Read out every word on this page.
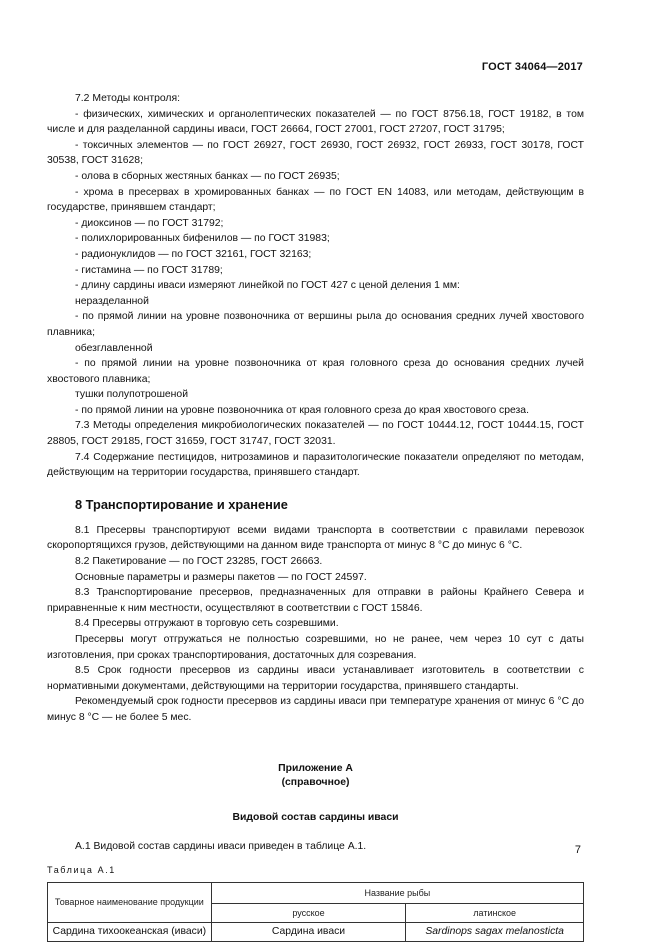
ГОСТ 34064—2017

7.2 Методы контроля:

- физических, химических и органолептических показателей — по ГОСТ 8756.18, ГОСТ 19182, в том числе и для разделанной сардины иваси, ГОСТ 26664, ГОСТ 27001, ГОСТ 27207, ГОСТ 31795;

- токсичных элементов — по ГОСТ 26927, ГОСТ 26930, ГОСТ 26932, ГОСТ 26933, ГОСТ 30178, ГОСТ 30538, ГОСТ 31628;

- олова в сборных жестяных банках — по ГОСТ 26935;

- хрома в пресервах в хромированных банках — по ГОСТ EN 14083, или методам, действующим в государстве, принявшем стандарт;

- диоксинов — по ГОСТ 31792;

- полихлорированных бифенилов — по ГОСТ 31983;

- радионуклидов — по ГОСТ 32161, ГОСТ 32163;

- гистамина — по ГОСТ 31789;

- длину сардины иваси измеряют линейкой по ГОСТ 427 с ценой деления 1 мм:

неразделанной

- по прямой линии на уровне позвоночника от вершины рыла до основания средних лучей хвостового плавника;

обезглавленной

- по прямой линии на уровне позвоночника от края головного среза до основания средних лучей хвостового плавника;

тушки полупотрошеной

- по прямой линии на уровне позвоночника от края головного среза до края хвостового среза.

7.3 Методы определения микробиологических показателей — по ГОСТ 10444.12, ГОСТ 10444.15, ГОСТ 28805, ГОСТ 29185, ГОСТ 31659, ГОСТ 31747, ГОСТ 32031.

7.4 Содержание пестицидов, нитрозаминов и паразитологические показатели определяют по методам, действующим на территории государства, принявшего стандарт.

8 Транспортирование и хранение

8.1 Пресервы транспортируют всеми видами транспорта в соответствии с правилами перевозок скоропортящихся грузов, действующими на данном виде транспорта от минус 8 °С до минус 6 °С.

8.2 Пакетирование — по ГОСТ 23285, ГОСТ 26663.

Основные параметры и размеры пакетов — по ГОСТ 24597.

8.3 Транспортирование пресервов, предназначенных для отправки в районы Крайнего Севера и приравненные к ним местности, осуществляют в соответствии с ГОСТ 15846.

8.4 Пресервы отгружают в торговую сеть созревшими.

Пресервы могут отгружаться не полностью созревшими, но не ранее, чем через 10 сут с даты изготовления, при сроках транспортирования, достаточных для созревания.

8.5 Срок годности пресервов из сардины иваси устанавливает изготовитель в соответствии с нормативными документами, действующими на территории государства, принявшего стандарты.

Рекомендуемый срок годности пресервов из сардины иваси при температуре хранения от минус 6 °С до минус 8 °С — не более 5 мес.

Приложение А
(справочное)
Видовой состав сардины иваси

А.1 Видовой состав сардины иваси приведен в таблице А.1.

Таблица А.1
Товарное наименование продукции	Название рыбы	
	русское	латинское
Сардина тихоокеанская (иваси)	Сардина иваси	Sardinops sagax melanosticta
7
